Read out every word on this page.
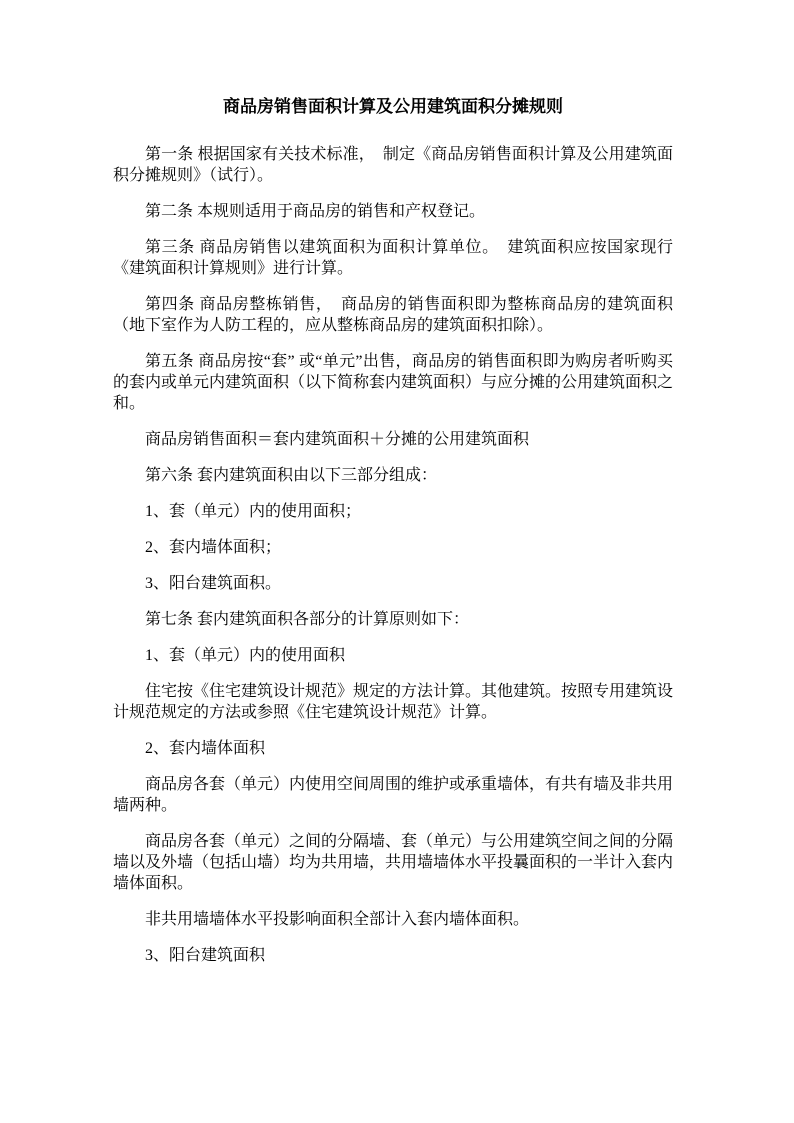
商品房销售面积计算及公用建筑面积分摊规则

第一条 根据国家有关技术标准，　制定《商品房销售面积计算及公用建筑面积分摊规则》（试行）。

第二条 本规则适用于商品房的销售和产权登记。

第三条 商品房销售以建筑面积为面积计算单位。　建筑面积应按国家现行《建筑面积计算规则》进行计算。

第四条 商品房整栋销售，　商品房的销售面积即为整栋商品房的建筑面积（地下室作为人防工程的，应从整栋商品房的建筑面积扣除）。

第五条 商品房按“套” 或“单元”出售，商品房的销售面积即为购房者听购买的套内或单元内建筑面积（以下简称套内建筑面积）与应分摊的公用建筑面积之和。

商品房销售面积＝套内建筑面积＋分摊的公用建筑面积

第六条 套内建筑面积由以下三部分组成：

1、套（单元）内的使用面积；

2、套内墙体面积；

3、阳台建筑面积。

第七条 套内建筑面积各部分的计算原则如下：

1、套（单元）内的使用面积

住宅按《住宅建筑设计规范》规定的方法计算。其他建筑。按照专用建筑设计规范规定的方法或参照《住宅建筑设计规范》计算。

2、套内墙体面积

商品房各套（单元）内使用空间周围的维护或承重墙体，有共有墙及非共用墙两种。

商品房各套（单元）之间的分隔墙、套（单元）与公用建筑空间之间的分隔墙以及外墙（包括山墙）均为共用墙，共用墙墙体水平投曩面积的一半计入套内墙体面积。

非共用墙墙体水平投影响面积全部计入套内墙体面积。

3、阳台建筑面积
